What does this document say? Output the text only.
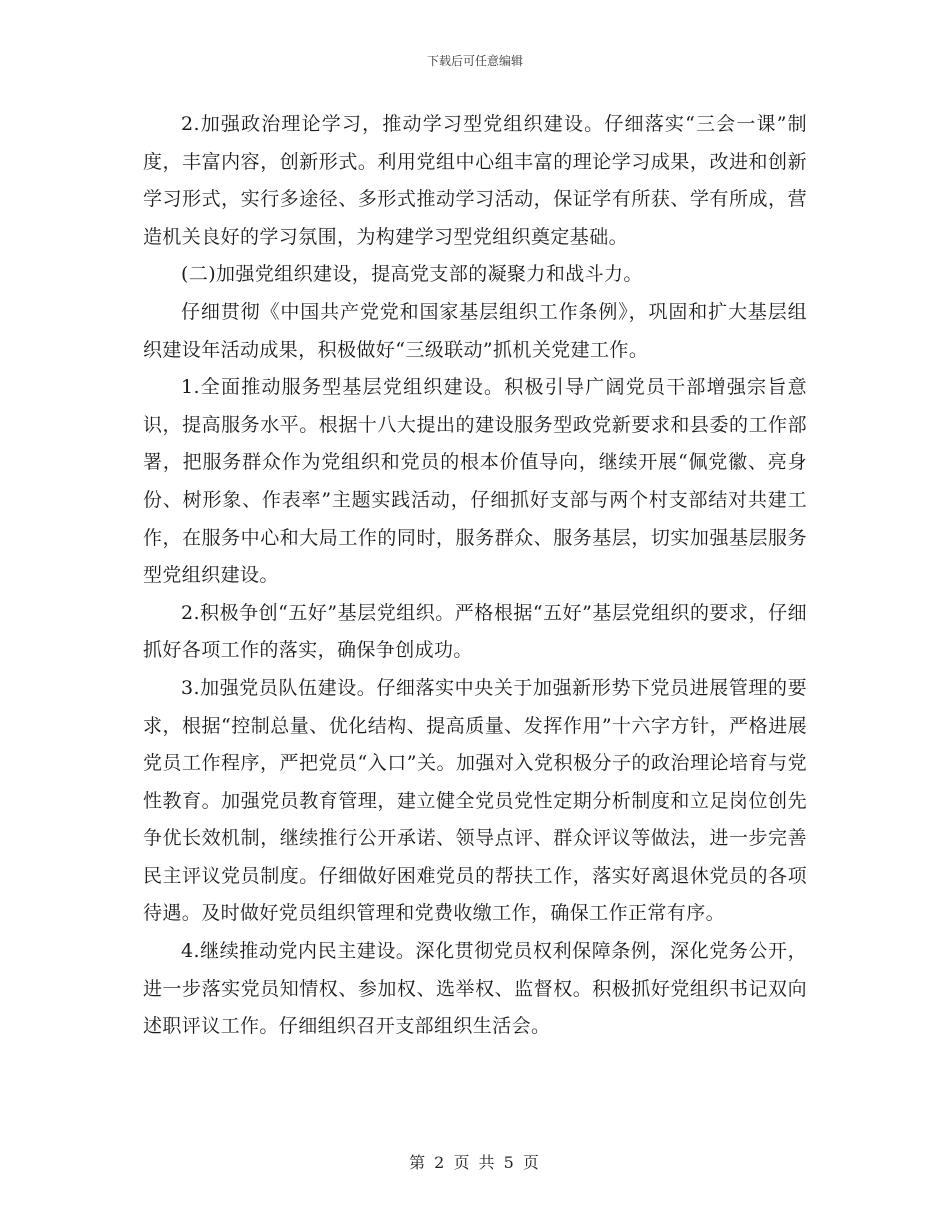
下载后可任意编辑

2.加强政治理论学习，推动学习型党组织建设。仔细落实“三会一课”制度，丰富内容，创新形式。利用党组中心组丰富的理论学习成果，改进和创新学习形式，实行多途径、多形式推动学习活动，保证学有所获、学有所成，营造机关良好的学习氛围，为构建学习型党组织奠定基础。

(二)加强党组织建设，提高党支部的凝聚力和战斗力。

仔细贯彻《中国共产党党和国家基层组织工作条例》，巩固和扩大基层组织建设年活动成果，积极做好“三级联动”抓机关党建工作。

1.全面推动服务型基层党组织建设。积极引导广阔党员干部增强宗旨意识，提高服务水平。根据十八大提出的建设服务型政党新要求和县委的工作部署，把服务群众作为党组织和党员的根本价值导向，继续开展“佩党徽、亮身份、树形象、作表率”主题实践活动，仔细抓好支部与两个村支部结对共建工作，在服务中心和大局工作的同时，服务群众、服务基层，切实加强基层服务型党组织建设。

2.积极争创“五好”基层党组织。严格根据“五好”基层党组织的要求，仔细抓好各项工作的落实，确保争创成功。

3.加强党员队伍建设。仔细落实中央关于加强新形势下党员进展管理的要求，根据“控制总量、优化结构、提高质量、发挥作用”十六字方针，严格进展党员工作程序，严把党员“入口”关。加强对入党积极分子的政治理论培育与党性教育。加强党员教育管理，建立健全党员党性定期分析制度和立足岗位创先争优长效机制，继续推行公开承诺、领导点评、群众评议等做法，进一步完善民主评议党员制度。仔细做好困难党员的帮扶工作，落实好离退休党员的各项待遇。及时做好党员组织管理和党费收缴工作，确保工作正常有序。

4.继续推动党内民主建设。深化贯彻党员权利保障条例，深化党务公开，进一步落实党员知情权、参加权、选举权、监督权。积极抓好党组织书记双向述职评议工作。仔细组织召开支部组织生活会。

第 2 页 共 5 页
